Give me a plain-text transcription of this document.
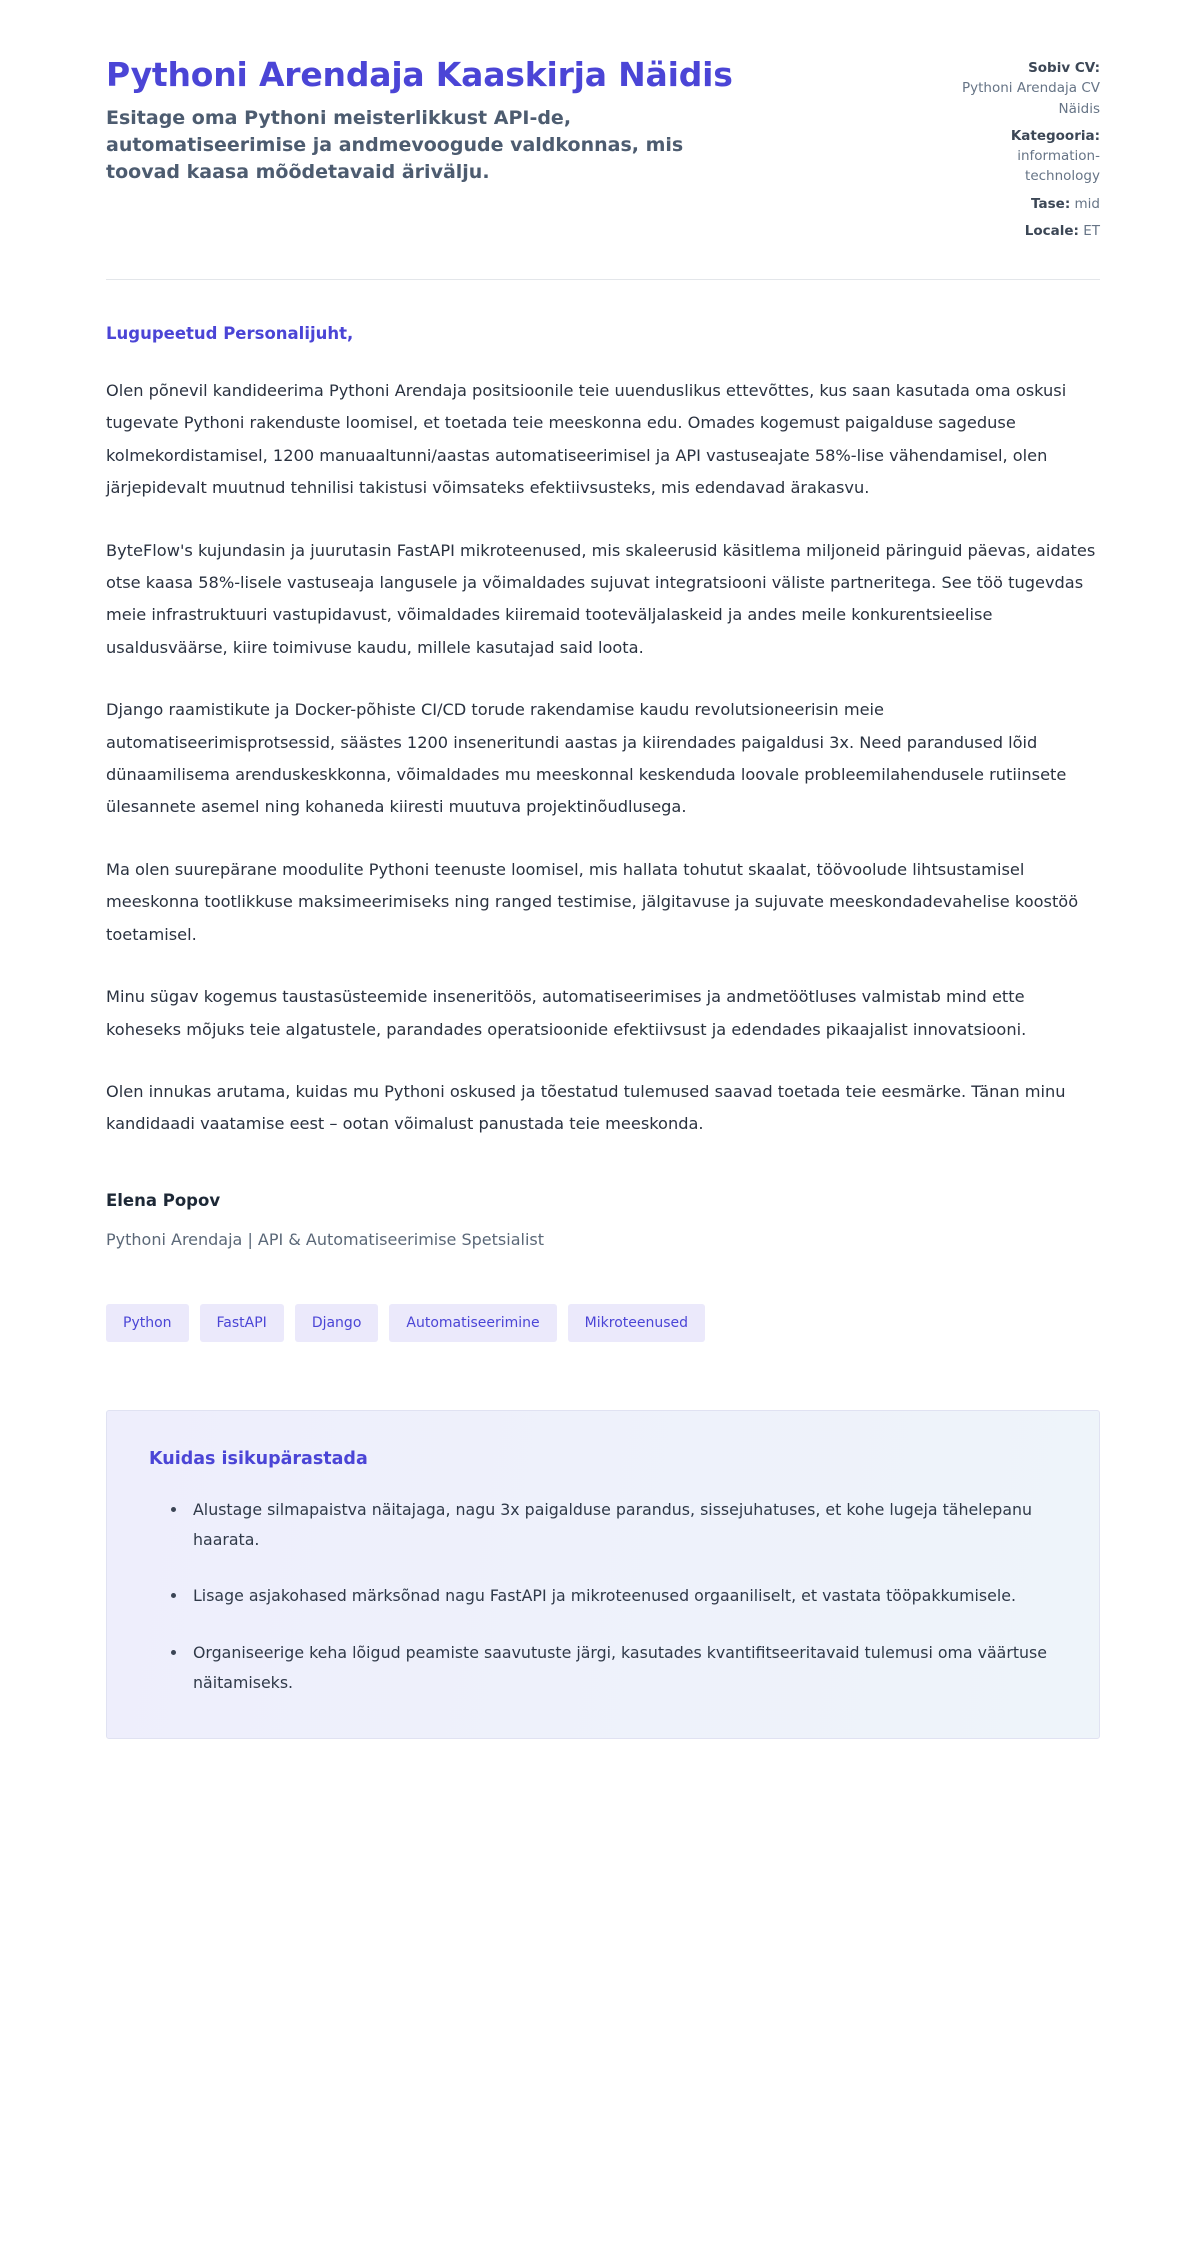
Pythoni Arendaja Kaaskirja Näidis

Esitage oma Pythoni meisterlikkust API-de, automatiseerimise ja andmevoogude valdkonnas, mis toovad kaasa mõõdetavaid ärivälju.

Sobiv CV:
Pythoni Arendaja CV Näidis
Kategooria:
information-technology
Tase: mid
Locale: ET

Lugupeetud Personalijuht,

Olen põnevil kandideerima Pythoni Arendaja positsioonile teie uuenduslikus ettevõttes, kus saan kasutada oma oskusi tugevate Pythoni rakenduste loomisel, et toetada teie meeskonna edu. Omades kogemust paigalduse sageduse kolmekordistamisel, 1200 manuaaltunni/aastas automatiseerimisel ja API vastuseajate 58%-lise vähendamisel, olen järjepidevalt muutnud tehnilisi takistusi võimsateks efektiivsusteks, mis edendavad ärakasvu.

ByteFlow's kujundasin ja juurutasin FastAPI mikroteenused, mis skaleerusid käsitlema miljoneid päringuid päevas, aidates otse kaasa 58%-lisele vastuseaja langusele ja võimaldades sujuvat integratsiooni väliste partneritega. See töö tugevdas meie infrastruktuuri vastupidavust, võimaldades kiiremaid tooteväljalaskeid ja andes meile konkurentsieelise usaldusväärse, kiire toimivuse kaudu, millele kasutajad said loota.

Django raamistikute ja Docker-põhiste CI/CD torude rakendamise kaudu revolutsioneerisin meie automatiseerimisprotsessid, säästes 1200 inseneritundi aastas ja kiirendades paigaldusi 3x. Need parandused lõid dünaamilisema arenduskeskkonna, võimaldades mu meeskonnal keskenduda loovale probleemilahendusele rutiinsete ülesannete asemel ning kohaneda kiiresti muutuva projektinõudlusega.

Ma olen suurepärane moodulite Pythoni teenuste loomisel, mis hallata tohutut skaalat, töövoolude lihtsustamisel meeskonna tootlikkuse maksimeerimiseks ning ranged testimise, jälgitavuse ja sujuvate meeskondadevahelise koostöö toetamisel.

Minu sügav kogemus taustasüsteemide inseneritöös, automatiseerimises ja andmetöötluses valmistab mind ette koheseks mõjuks teie algatustele, parandades operatsioonide efektiivsust ja edendades pikaajalist innovatsiooni.

Olen innukas arutama, kuidas mu Pythoni oskused ja tõestatud tulemused saavad toetada teie eesmärke. Tänan minu kandidaadi vaatamise eest – ootan võimalust panustada teie meeskonda.

Elena Popov

Pythoni Arendaja | API & Automatiseerimise Spetsialist

Python	FastAPI	Django	Automatiseerimine	Mikroteenused
Kuidas isikupärastada
Alustage silmapaistva näitajaga, nagu 3x paigalduse parandus, sissejuhatuses, et kohe lugeja tähelepanu haarata.
Lisage asjakohased märksõnad nagu FastAPI ja mikroteenused orgaaniliselt, et vastata tööpakkumisele.
Organiseerige keha lõigud peamiste saavutuste järgi, kasutades kvantifitseeritavaid tulemusi oma väärtuse näitamiseks.
